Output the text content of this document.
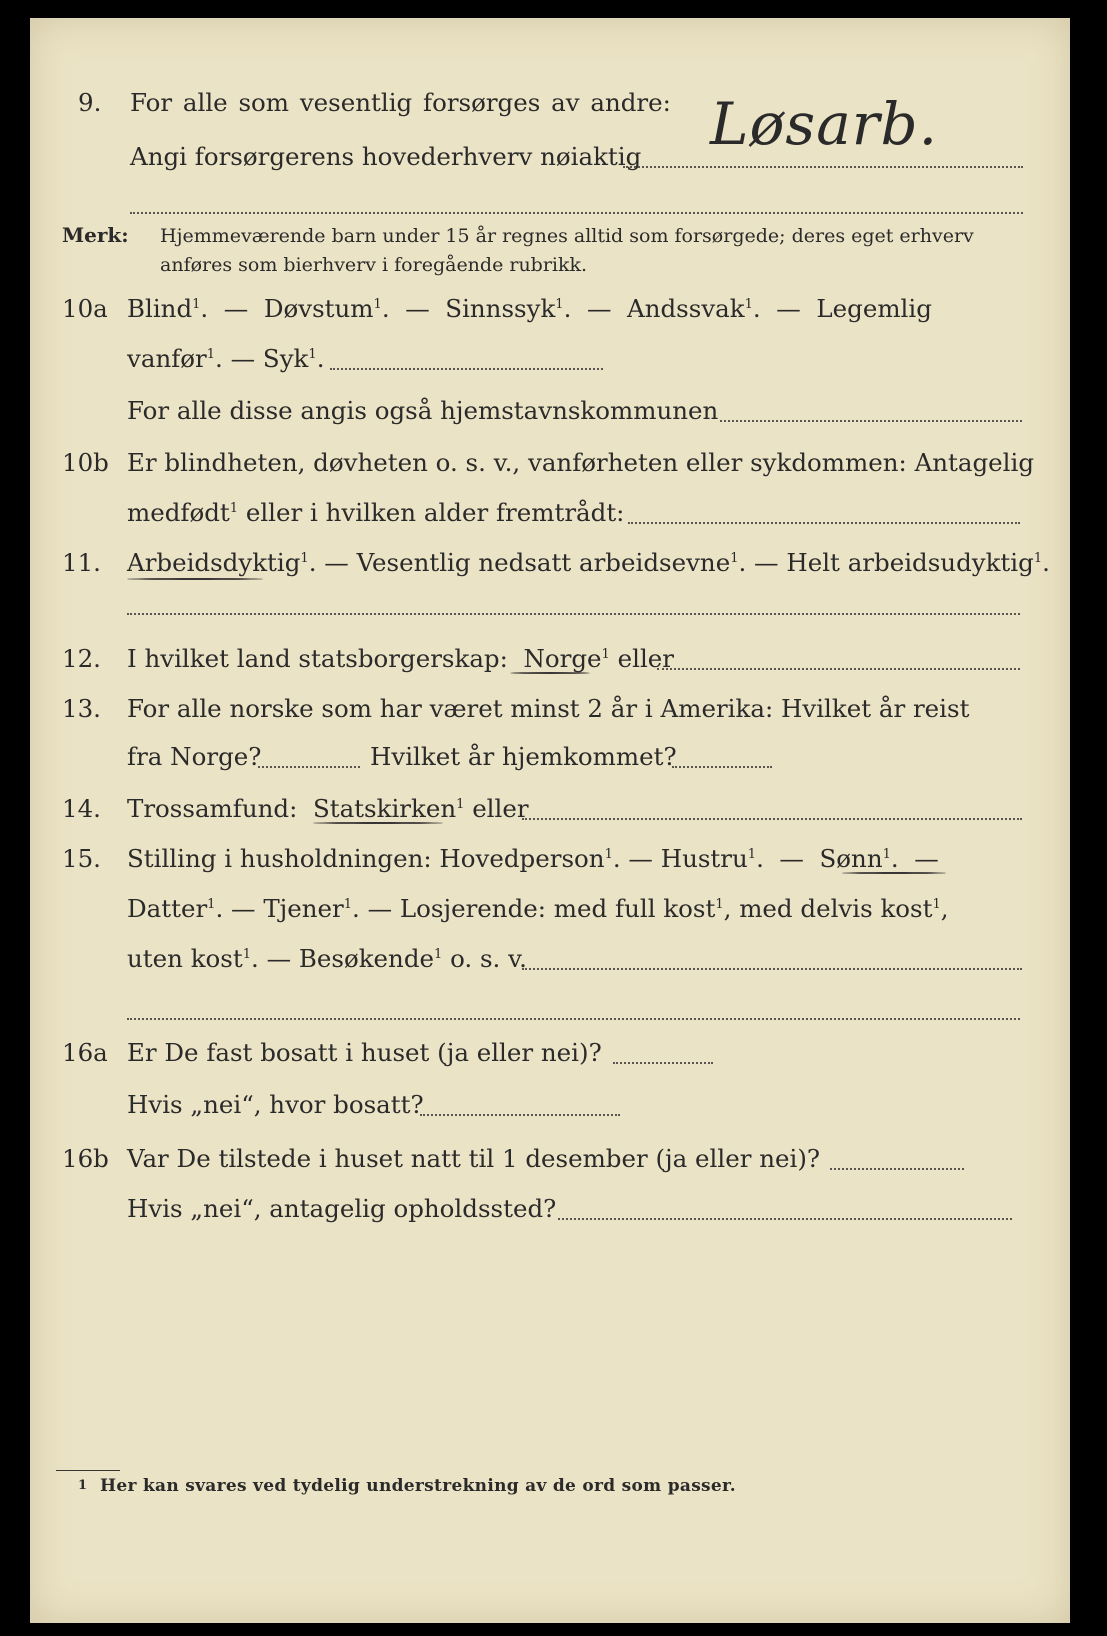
9. For alle som vesentlig forsørges av andre:
Angi forsørgerens hovederhverv nøiaktig Løsarb.
Merk: Hjemmeværende barn under 15 år regnes alltid som forsørgede; deres eget erhverv
anføres som bierhverv i foregående rubrikk.
10a Blind$^1$.  — Døvstum$^1$.  — Sinnssyk$^1$.  — Andssvak$^1$.  — Legemlig
vanfør$^1$. — Syk$^1$.
For alle disse angis også hjemstavnskommunen
10b Er blindheten, døvheten o. s. v., vanførheten eller sykdommen: Antagelig
medfødt$^1$ eller i hvilken alder fremtrådt:
11. Arbeidsdyktig$^1$. — Vesentlig nedsatt arbeidsevne$^1$. — Helt arbeidsudyktig$^1$.
12. I hvilket land statsborgerskap: Norge$^1$ eller
13. For alle norske som har været minst 2 år i Amerika: Hvilket år reist
fra Norge?	Hvilket år hjemkommet?
14. Trossamfund: Statskirken$^1$ eller
15. Stilling i husholdningen: Hovedperson$^1$. — Hustru$^1$.  —  Sønn$^1$.  —
Datter$^1$. — Tjener$^1$. — Losjerende: med full kost$^1$, med delvis kost$^1$,
uten kost$^1$. — Besøkende$^1$ o. s. v.
16a Er De fast bosatt i huset (ja eller nei)?
Hvis „nei“, hvor bosatt?
16b Var De tilstede i huset natt til 1 desember (ja eller nei)?
Hvis „nei“, antagelig opholdssted?
1 Her kan svares ved tydelig understrekning av de ord som passer.
